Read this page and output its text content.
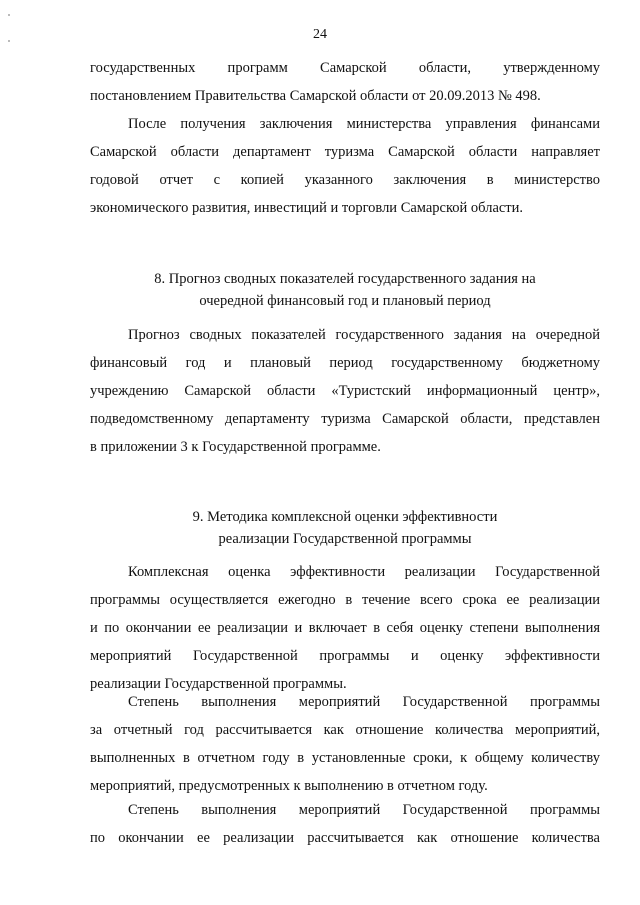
24
государственных программ Самарской области, утвержденному
постановлением Правительства Самарской области от 20.09.2013 № 498.
После получения заключения министерства управления финансами
Самарской области департамент туризма Самарской области направляет
годовой отчет с копией указанного заключения в министерство
экономического развития, инвестиций и торговли Самарской области.
8. Прогноз сводных показателей государственного задания на
очередной финансовый год и плановый период
Прогноз сводных показателей государственного задания на очередной
финансовый год и плановый период государственному бюджетному
учреждению Самарской области «Туристский информационный центр»,
подведомственному департаменту туризма Самарской области, представлен
в приложении 3 к Государственной программе.
9. Методика комплексной оценки эффективности
реализации Государственной программы
Комплексная оценка эффективности реализации Государственной
программы осуществляется ежегодно в течение всего срока ее реализации
и по окончании ее реализации и включает в себя оценку степени выполнения
мероприятий Государственной программы и оценку эффективности
реализации Государственной программы.
Степень выполнения мероприятий Государственной программы
за отчетный год рассчитывается как отношение количества мероприятий,
выполненных в отчетном году в установленные сроки, к общему количеству
мероприятий, предусмотренных к выполнению в отчетном году.
Степень выполнения мероприятий Государственной программы
по окончании ее реализации рассчитывается как отношение количества
